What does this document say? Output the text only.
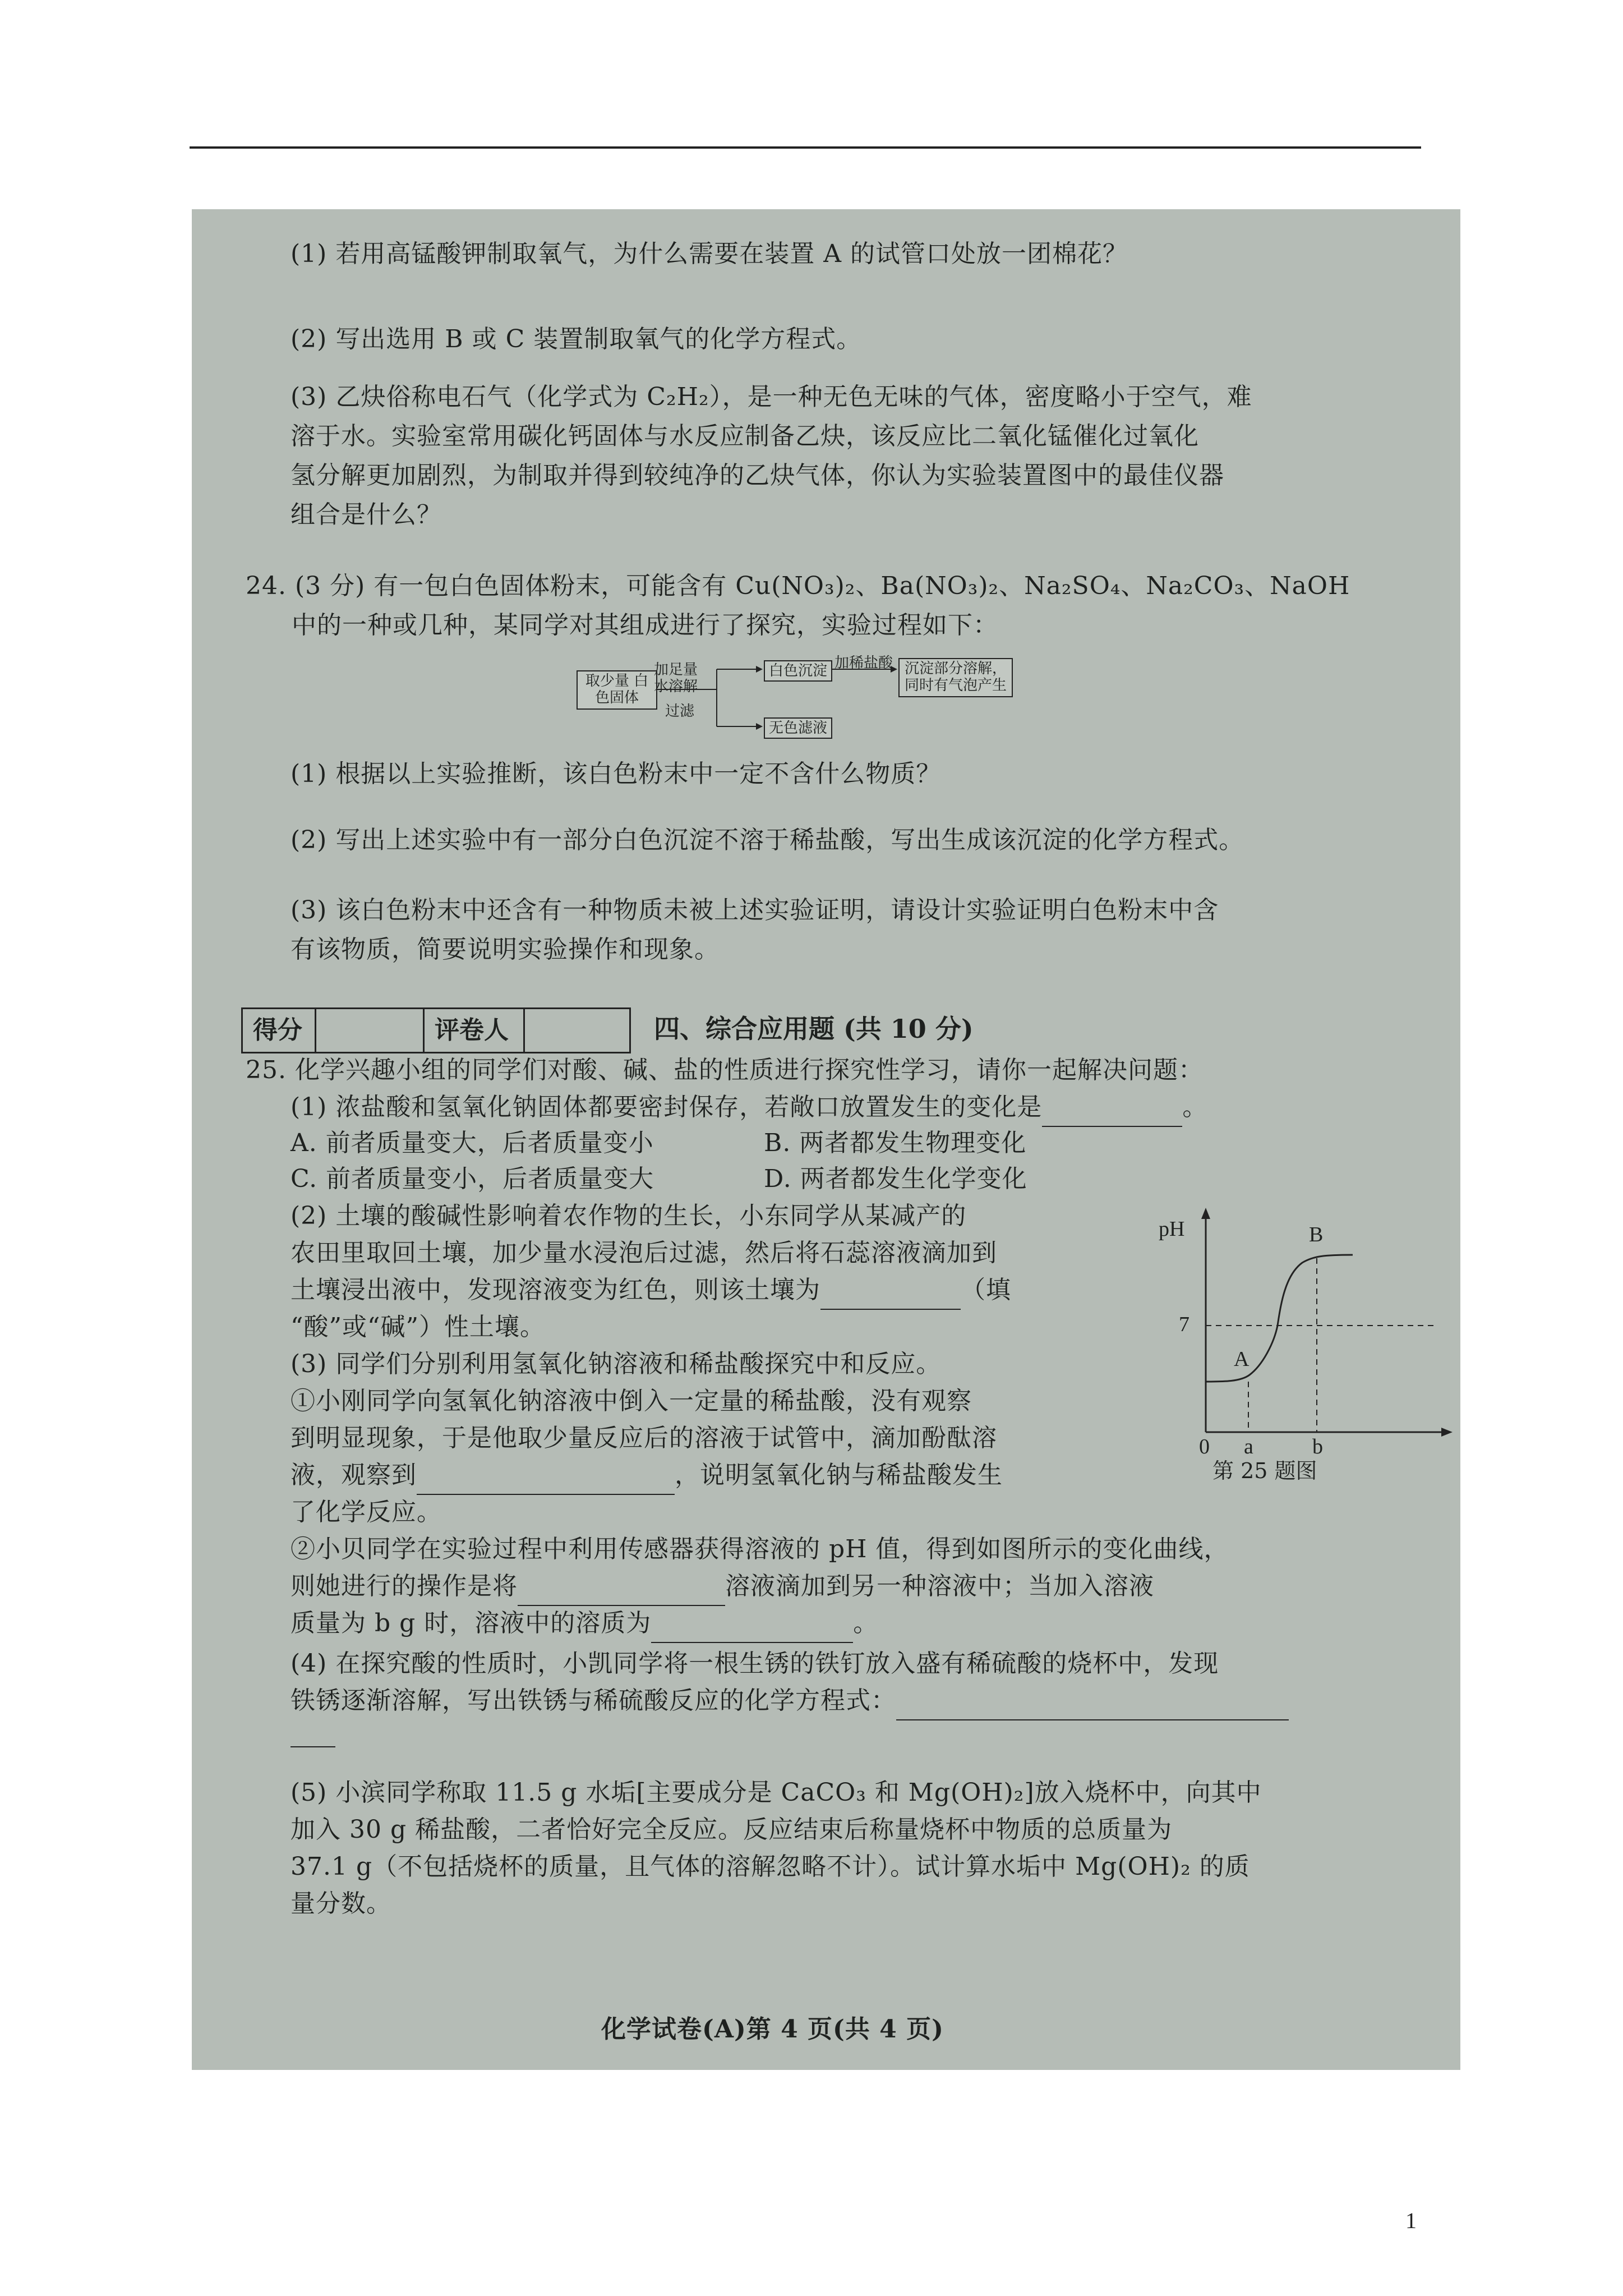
(1) 若用高锰酸钾制取氧气，为什么需要在装置 A 的试管口处放一团棉花？
(2) 写出选用 B 或 C 装置制取氧气的化学方程式。
(3) 乙炔俗称电石气（化学式为 C₂H₂），是一种无色无味的气体，密度略小于空气，难
溶于水。实验室常用碳化钙固体与水反应制备乙炔，该反应比二氧化锰催化过氧化
氢分解更加剧烈，为制取并得到较纯净的乙炔气体，你认为实验装置图中的最佳仪器
组合是什么？
24. (3 分) 有一包白色固体粉末，可能含有 Cu(NO₃)₂、Ba(NO₃)₂、Na₂SO₄、Na₂CO₃、NaOH
中的一种或几种，某同学对其组成进行了探究，实验过程如下：
取少量 白色固体
加足量
水溶解
过滤
白色沉淀 加稀盐酸 沉淀部分溶解，同时有气泡产生
无色滤液
(1) 根据以上实验推断，该白色粉末中一定不含什么物质？
(2) 写出上述实验中有一部分白色沉淀不溶于稀盐酸，写出生成该沉淀的化学方程式。
(3) 该白色粉末中还含有一种物质未被上述实验证明，请设计实验证明白色粉末中含
有该物质，简要说明实验操作和现象。
得分	评卷人	四、综合应用题 (共 10 分)
25. 化学兴趣小组的同学们对酸、碱、盐的性质进行探究性学习，请你一起解决问题：
(1) 浓盐酸和氢氧化钠固体都要密封保存，若敞口放置发生的变化是	。
A. 前者质量变大，后者质量变小	B. 两者都发生物理变化
C. 前者质量变小，后者质量变大	D. 两者都发生化学变化
(2) 土壤的酸碱性影响着农作物的生长，小东同学从某减产的
农田里取回土壤，加少量水浸泡后过滤，然后将石蕊溶液滴加到
土壤浸出液中，发现溶液变为红色，则该土壤为	（填
“酸”或“碱”）性土壤。
(3) 同学们分别利用氢氧化钠溶液和稀盐酸探究中和反应。
①小刚同学向氢氧化钠溶液中倒入一定量的稀盐酸，没有观察
到明显现象，于是他取少量反应后的溶液于试管中，滴加酚酞溶
液，观察到	，说明氢氧化钠与稀盐酸发生
了化学反应。
②小贝同学在实验过程中利用传感器获得溶液的 pH 值，得到如图所示的变化曲线，
则她进行的操作是将	溶液滴加到另一种溶液中；当加入溶液
质量为 b g 时，溶液中的溶质为	。
(4) 在探究酸的性质时，小凯同学将一根生锈的铁钉放入盛有稀硫酸的烧杯中，发现
铁锈逐渐溶解，写出铁锈与稀硫酸反应的化学方程式：
(5) 小滨同学称取 11.5 g 水垢[主要成分是 CaCO₃ 和 Mg(OH)₂]放入烧杯中，向其中
加入 30 g 稀盐酸，二者恰好完全反应。反应结束后称量烧杯中物质的总质量为
37.1 g（不包括烧杯的质量，且气体的溶解忽略不计）。试计算水垢中 Mg(OH)₂ 的质
量分数。
pH
7
A
B
0 a	b
第 25 题图
化学试卷(A)第 4 页(共 4 页)
1
